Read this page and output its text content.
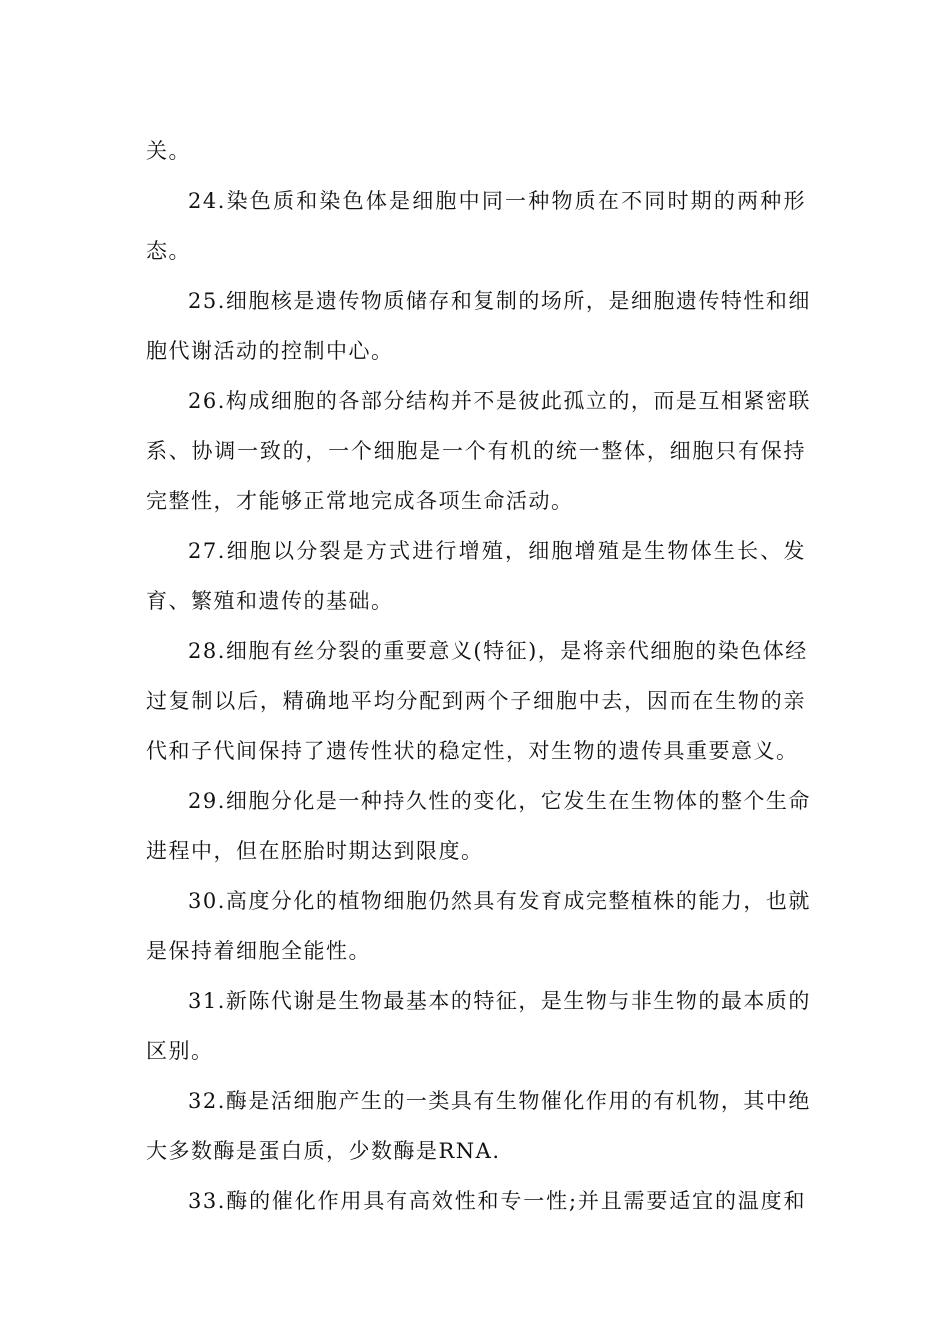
关。
24.染色质和染色体是细胞中同一种物质在不同时期的两种形
态。
25.细胞核是遗传物质储存和复制的场所，是细胞遗传特性和细
胞代谢活动的控制中心。
26.构成细胞的各部分结构并不是彼此孤立的，而是互相紧密联
系、协调一致的，一个细胞是一个有机的统一整体，细胞只有保持
完整性，才能够正常地完成各项生命活动。
27.细胞以分裂是方式进行增殖，细胞增殖是生物体生长、发
育、繁殖和遗传的基础。
28.细胞有丝分裂的重要意义(特征)，是将亲代细胞的染色体经
过复制以后，精确地平均分配到两个子细胞中去，因而在生物的亲
代和子代间保持了遗传性状的稳定性，对生物的遗传具重要意义。
29.细胞分化是一种持久性的变化，它发生在生物体的整个生命
进程中，但在胚胎时期达到限度。
30.高度分化的植物细胞仍然具有发育成完整植株的能力，也就
是保持着细胞全能性。
31.新陈代谢是生物最基本的特征，是生物与非生物的最本质的
区别。
32.酶是活细胞产生的一类具有生物催化作用的有机物，其中绝
大多数酶是蛋白质，少数酶是RNA.
33.酶的催化作用具有高效性和专一性;并且需要适宜的温度和
